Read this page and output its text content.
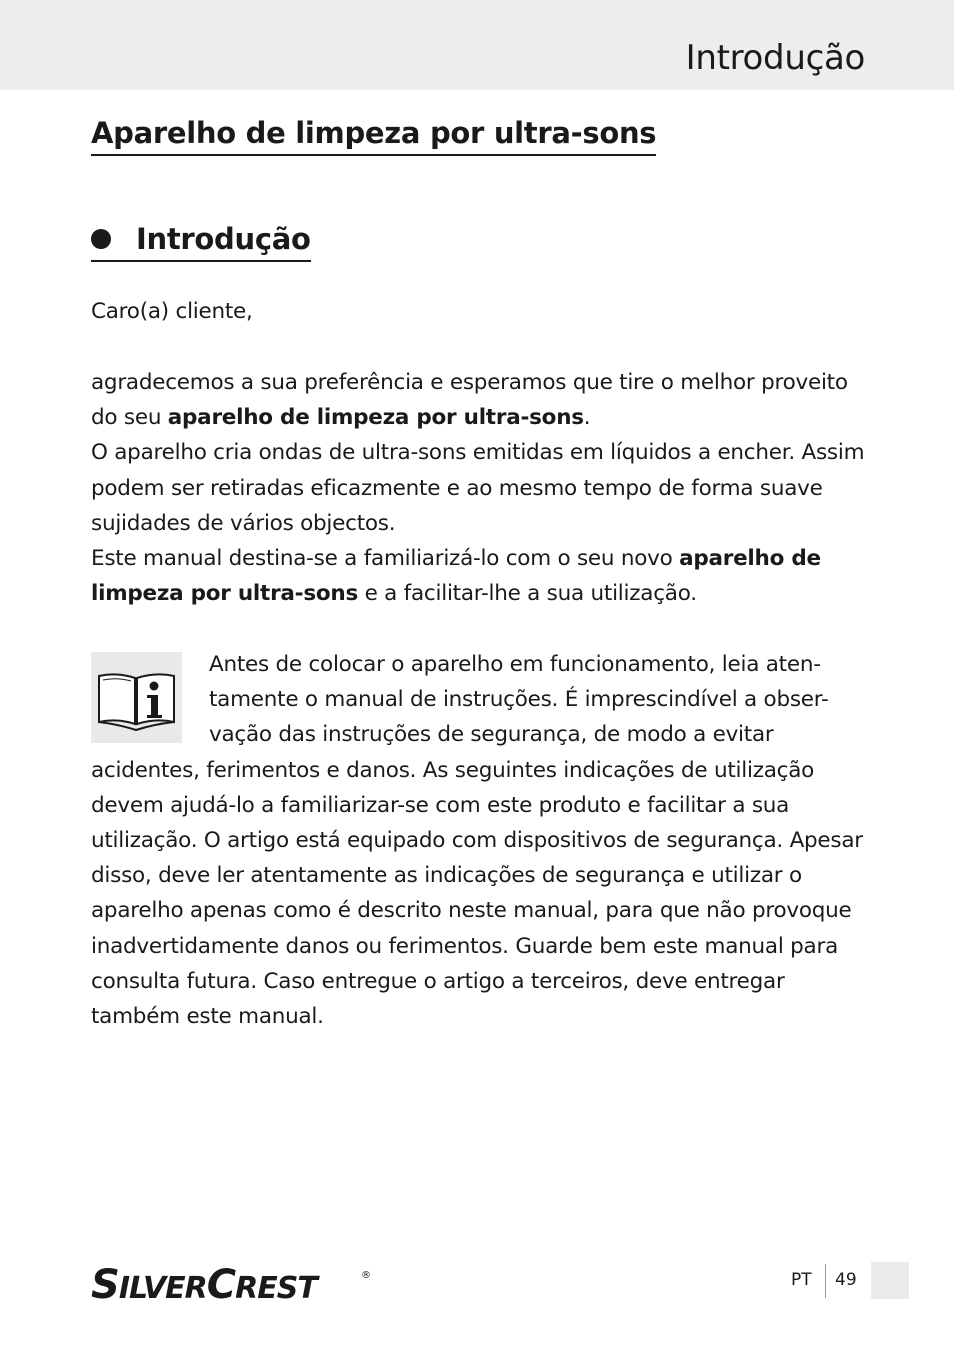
Introdução
Aparelho de limpeza por ultra-sons
Introdução

Caro(a) cliente,

agradecemos a sua preferência e esperamos que tire o melhor proveito do seu aparelho de limpeza por ultra-sons.

O aparelho cria ondas de ultra-sons emitidas em líquidos a encher. Assim podem ser retiradas eficazmente e ao mesmo tempo de forma suave sujidades de vários objectos.

Este manual destina-se a familiarizá-lo com o seu novo aparelho de limpeza por ultra-sons e a facilitar-lhe a sua utilização.

Antes de colocar o aparelho em funcionamento, leia aten-

tamente o manual de instruções. É imprescindível a obser-

vação das instruções de segurança, de modo a evitar

acidentes, ferimentos e danos. As seguintes indicações de utilização devem ajudá-lo a familiarizar-se com este produto e facilitar a sua utilização. O artigo está equipado com dispositivos de segurança. Apesar disso, deve ler atentamente as indicações de segurança e utilizar o aparelho apenas como é descrito neste manual, para que não provoque inadvertidamente danos ou ferimentos. Guarde bem este manual para consulta futura. Caso entregue o artigo a terceiros, deve entregar também este manual.

SILVERCREST	®	PT 49
